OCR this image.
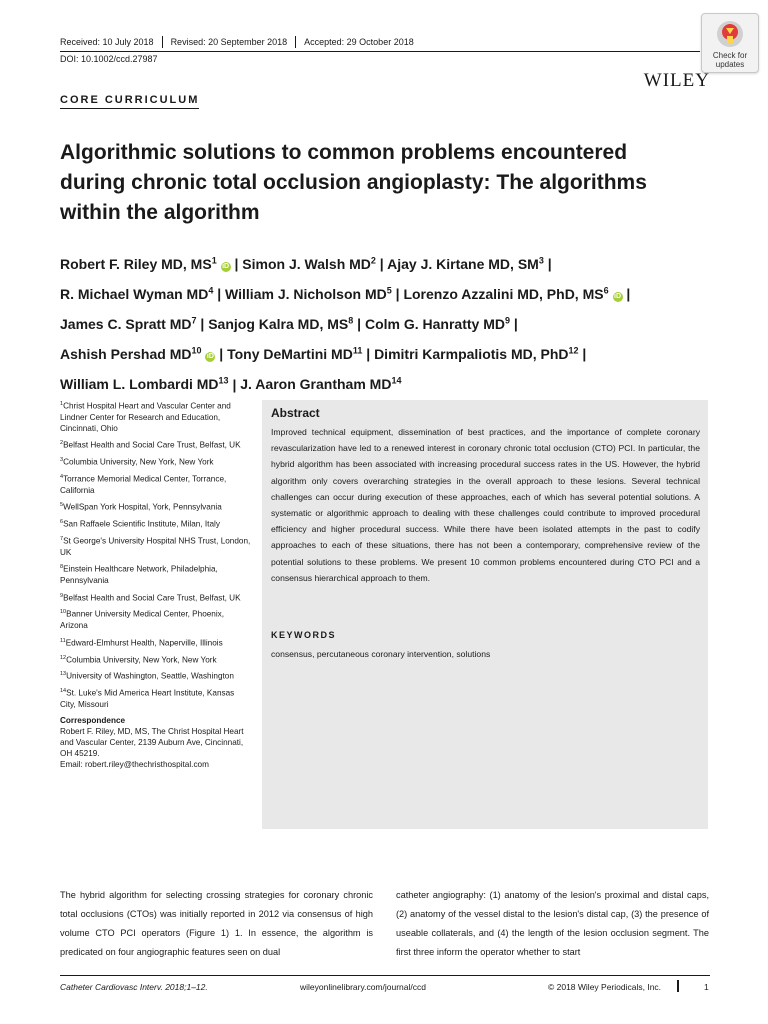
Received: 10 July 2018	Revised: 20 September 2018	Accepted: 29 October 2018
DOI: 10.1002/ccd.27987	Check for
updates
WILEY
CORE CURRICULUM
Algorithmic solutions to common problems encountered
during chronic total occlusion angioplasty: The algorithms
within the algorithm
Robert F. Riley MD, $MS^1$ iD | Simon J. Walsh $MD^2$ | Ajay J. Kirtane MD, $SM^3$ |
R. Michael Wyman $MD^4$ | William J. Nicholson $MD^5$ | Lorenzo Azzalini MD, PhD, $MS^6$ iD |
James C. Spratt $MD^7$ | Sanjog Kalra MD, $MS^8$ | Colm G. Hanratty $MD^9$ |
Ashish Pershad MD$^{10}$ iD | Tony DeMartini MD$^{11}$ | Dimitri Karmpaliotis MD, PhD$^{12}$ |
William L. Lombardi MD$^{13}$ | J. Aaron Grantham MD$^{14}$

$^1$Christ Hospital Heart and Vascular Center and Lindner Center for Research and Education, Cincinnati, Ohio

$^2$Belfast Health and Social Care Trust, Belfast, UK

$^3$Columbia University, New York, New York

$^4$Torrance Memorial Medical Center, Torrance, California

$^5$WellSpan York Hospital, York, Pennsylvania

$^6$San Raffaele Scientific Institute, Milan, Italy

$^7$St George's University Hospital NHS Trust, London, UK

$^8$Einstein Healthcare Network, Philadelphia, Pennsylvania

$^9$Belfast Health and Social Care Trust, Belfast, UK

$^{10}$Banner University Medical Center, Phoenix, Arizona

$^{11}$Edward-Elmhurst Health, Naperville, Illinois

$^{12}$Columbia University, New York, New York

$^{13}$University of Washington, Seattle, Washington

$^{14}$St. Luke's Mid America Heart Institute, Kansas City, Missouri

Correspondence
Robert F. Riley, MD, MS, The Christ Hospital Heart and Vascular Center, 2139 Auburn Ave, Cincinnati, OH 45219.
Email: robert.riley@thechristhospital.com
Abstract
Improved technical equipment, dissemination of best practices, and the importance of complete coronary revascularization have led to a renewed interest in coronary chronic total occlusion (CTO) PCI. In particular, the hybrid algorithm has been associated with increasing procedural success rates in the US. However, the hybrid algorithm only covers overarching strategies in the overall approach to these lesions. Several technical challenges can occur during execution of these approaches, each of which has several potential solutions. A systematic or algorithmic approach to dealing with these challenges could contribute to improved procedural efficiency and higher procedural success. While there have been isolated attempts in the past to codify approaches to each of these situations, there has not been a contemporary, comprehensive review of the potential solutions to these problems. We present 10 common problems encountered during CTO PCI and a consensus hierarchical approach to them.
KEYWORDS
consensus, percutaneous coronary intervention, solutions
The hybrid algorithm for selecting crossing strategies for coronary chronic total occlusions (CTOs) was initially reported in 2012 via consensus of high volume CTO PCI operators (Figure 1) 1. In essence, the algorithm is predicated on four angiographic features seen on dual
catheter angiography: (1) anatomy of the lesion's proximal and distal caps, (2) anatomy of the vessel distal to the lesion's distal cap, (3) the presence of useable collaterals, and (4) the length of the lesion occlusion segment. The first three inform the operator whether to start
Catheter Cardiovasc Interv. 2018;1–12.	wileyonlinelibrary.com/journal/ccd	© 2018 Wiley Periodicals, Inc.	1
